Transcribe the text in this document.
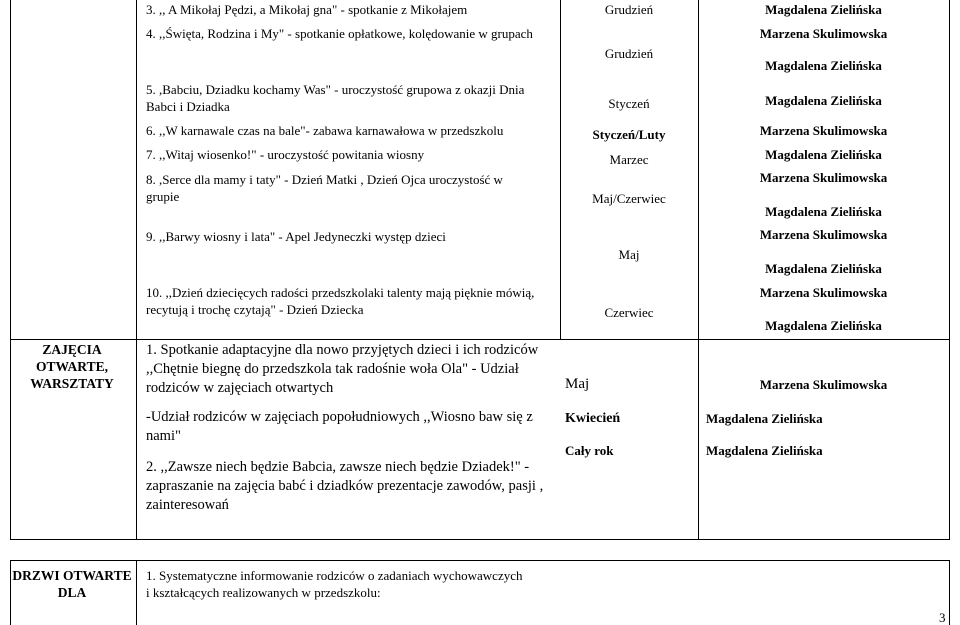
3. ,, A Mikołaj Pędzi, a Mikołaj gna" - spotkanie z Mikołajem
4. ,,Święta, Rodzina i My" - spotkanie opłatkowe, kolędowanie w grupach
5. ,Babciu, Dziadku kochamy Was" - uroczystość grupowa z okazji Dnia Babci i Dziadka
6. ,,W karnawale czas na bale"- zabawa karnawałowa w przedszkolu
7. ,,Witaj wiosenko!" - uroczystość powitania wiosny
8. ,Serce dla mamy i taty" - Dzień Matki , Dzień Ojca uroczystość w grupie
9. ,,Barwy wiosny i lata" - Apel Jedyneczki występ dzieci
10. ,,Dzień dziecięcych radości przedszkolaki talenty mają pięknie mówią, recytują i trochę czytają" - Dzień Dziecka
Grudzień
Grudzień
Styczeń
Styczeń/Luty
Marzec
Maj/Czerwiec
Maj
Czerwiec
Magdalena Zielińska
Marzena Skulimowska
Magdalena Zielińska
Magdalena Zielińska
Marzena Skulimowska
Magdalena Zielińska
Marzena Skulimowska
Magdalena Zielińska
Marzena Skulimowska
Magdalena Zielińska
Marzena Skulimowska
Magdalena Zielińska
ZAJĘCIA OTWARTE, WARSZTATY
1. Spotkanie adaptacyjne dla nowo przyjętych dzieci i ich rodziców ,,Chętnie biegnę do przedszkola tak radośnie woła Ola" - Udział rodziców w zajęciach otwartych	Maj	Marzena Skulimowska
-Udział rodziców w zajęciach popołudniowych ,,Wiosno baw się z nami"
2. ,,Zawsze niech będzie Babcia, zawsze niech będzie Dziadek!" - zapraszanie na zajęcia babć i dziadków prezentacje zawodów, pasji , zainteresowań
Kwiecień
Cały rok
Magdalena Zielińska
Magdalena Zielińska
DRZWI OTWARTE DLA
1. Systematyczne informowanie rodziców o zadaniach wychowawczych i kształcących realizowanych w przedszkolu:
3
